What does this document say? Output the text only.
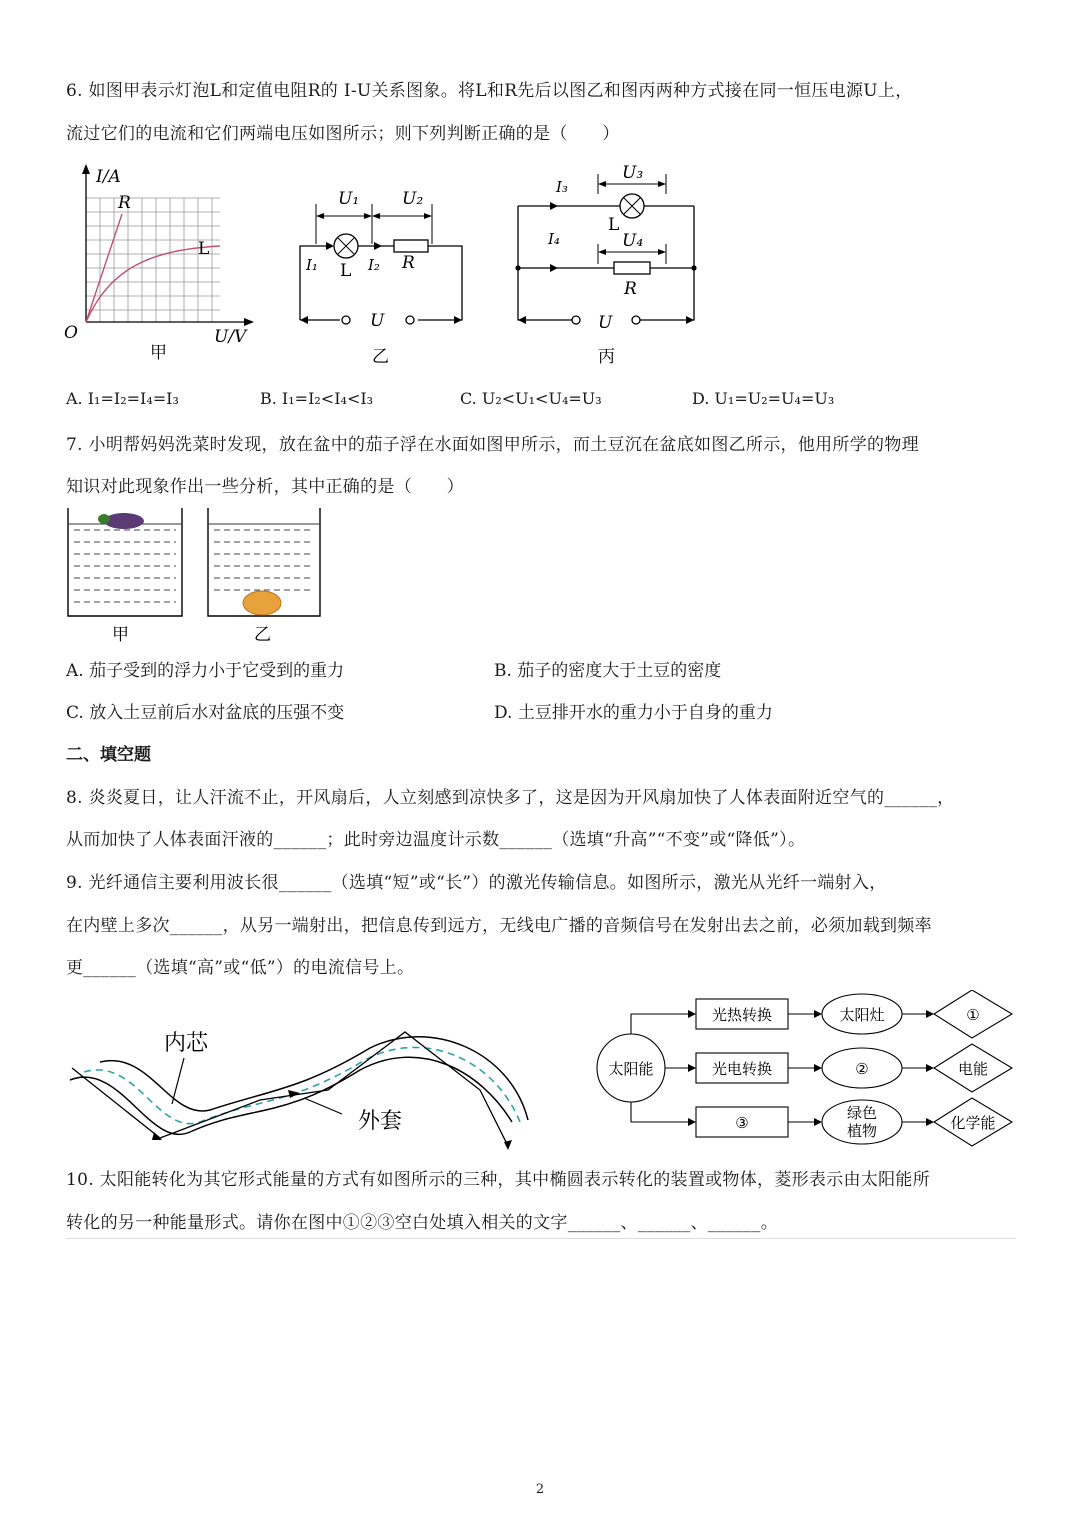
6. 如图甲表示灯泡L和定值电阻R的 I-U关系图象。将L和R先后以图乙和图丙两种方式接在同一恒压电源U上，
流过它们的电流和它们两端电压如图所示；则下列判断正确的是（　　）
I/A
R
L
O	U/V
甲
U₁	U₂
I₁ L I₂ R
U
乙
U₃
I₃
L
U₄
I₄
R
U
丙
A. I₁=I₂=I₄=I₃	B. I₁=I₂<I₄<I₃	C. U₂<U₁<U₄=U₃	D. U₁=U₂=U₄=U₃
7. 小明帮妈妈洗菜时发现，放在盆中的茄子浮在水面如图甲所示，而土豆沉在盆底如图乙所示，他用所学的物理
知识对此现象作出一些分析，其中正确的是（　　）
甲	乙
A. 茄子受到的浮力小于它受到的重力	B. 茄子的密度大于土豆的密度
C. 放入土豆前后水对盆底的压强不变	D. 土豆排开水的重力小于自身的重力
二、填空题
8. 炎炎夏日，让人汗流不止，开风扇后，人立刻感到凉快多了，这是因为开风扇加快了人体表面附近空气的______，
从而加快了人体表面汗液的______；此时旁边温度计示数______（选填“升高”“不变”或“降低”）。
9. 光纤通信主要利用波长很______（选填“短”或“长”）的激光传输信息。如图所示，激光从光纤一端射入，
在内壁上多次______，从另一端射出，把信息传到远方，无线电广播的音频信号在发射出去之前，必须加载到频率
更______（选填“高”或“低”）的电流信号上。
内芯
外套
太阳能
光热转换
光电转换
③
太阳灶
②
绿色
植物
①
电能
化学能
10. 太阳能转化为其它形式能量的方式有如图所示的三种，其中椭圆表示转化的装置或物体，菱形表示由太阳能所
转化的另一种能量形式。请你在图中①②③空白处填入相关的文字______、______、______。
2
